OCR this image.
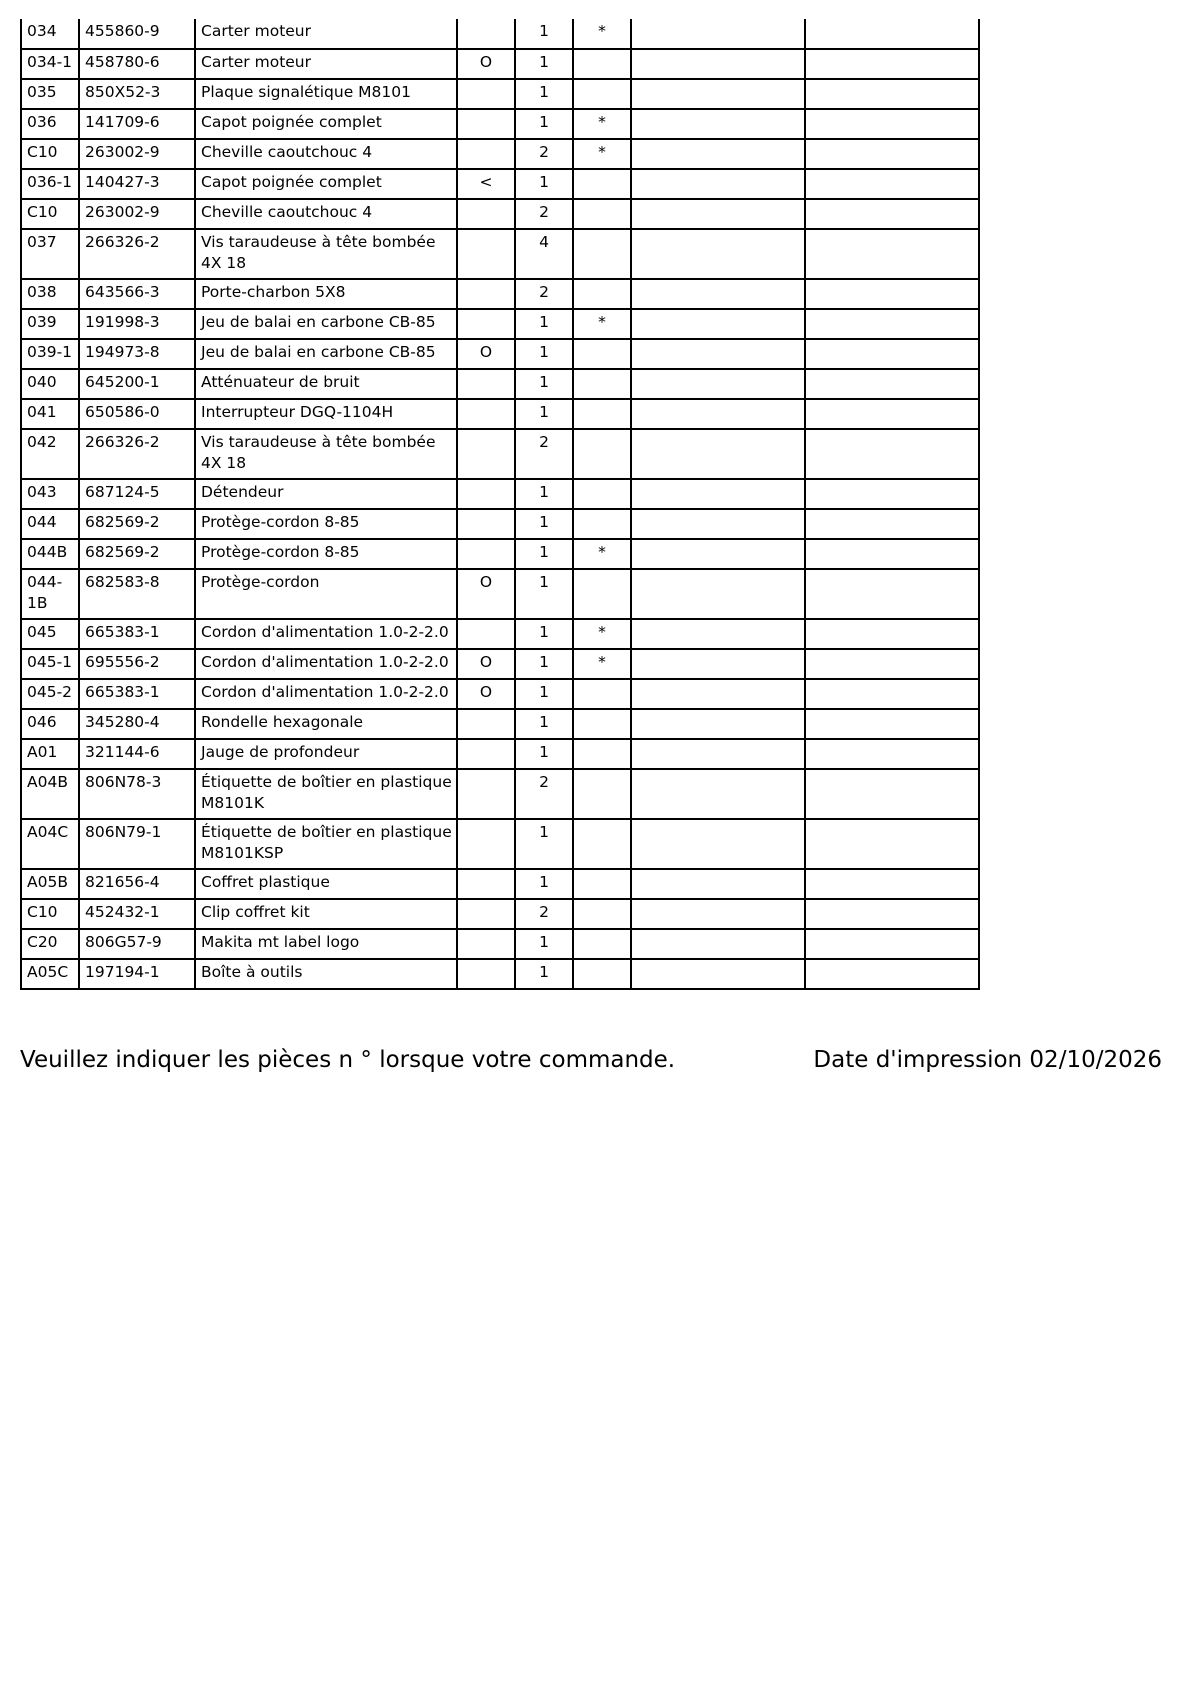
034	455860-9	Carter moteur		1	*		
034-1	458780-6	Carter moteur	O	1			
035	850X52-3	Plaque signalétique M8101		1			
036	141709-6	Capot poignée complet		1	*		
C10	263002-9	Cheville caoutchouc 4		2	*		
036-1	140427-3	Capot poignée complet	<	1			
C10	263002-9	Cheville caoutchouc 4		2			
037	266326-2	Vis taraudeuse à tête bombée 4X 18		4			
038	643566-3	Porte-charbon 5X8		2			
039	191998-3	Jeu de balai en carbone CB-85		1	*		
039-1	194973-8	Jeu de balai en carbone CB-85	O	1			
040	645200-1	Atténuateur de bruit		1			
041	650586-0	Interrupteur DGQ-1104H		1			
042	266326-2	Vis taraudeuse à tête bombée 4X 18		2			
043	687124-5	Détendeur		1			
044	682569-2	Protège-cordon 8-85		1			
044B	682569-2	Protège-cordon 8-85		1	*		
044-1B	682583-8	Protège-cordon	O	1			
045	665383-1	Cordon d'alimentation 1.0-2-2.0		1	*		
045-1	695556-2	Cordon d'alimentation 1.0-2-2.0	O	1	*		
045-2	665383-1	Cordon d'alimentation 1.0-2-2.0	O	1			
046	345280-4	Rondelle hexagonale		1			
A01	321144-6	Jauge de profondeur		1			
A04B	806N78-3	Étiquette de boîtier en plastique M8101K		2			
A04C	806N79-1	Étiquette de boîtier en plastique M8101KSP		1			
A05B	821656-4	Coffret plastique		1			
C10	452432-1	Clip coffret kit		2			
C20	806G57-9	Makita mt label logo		1			
A05C	197194-1	Boîte à outils		1			
Veuillez indiquer les pièces n ° lorsque votre commande.	Date d'impression 02/10/2026
